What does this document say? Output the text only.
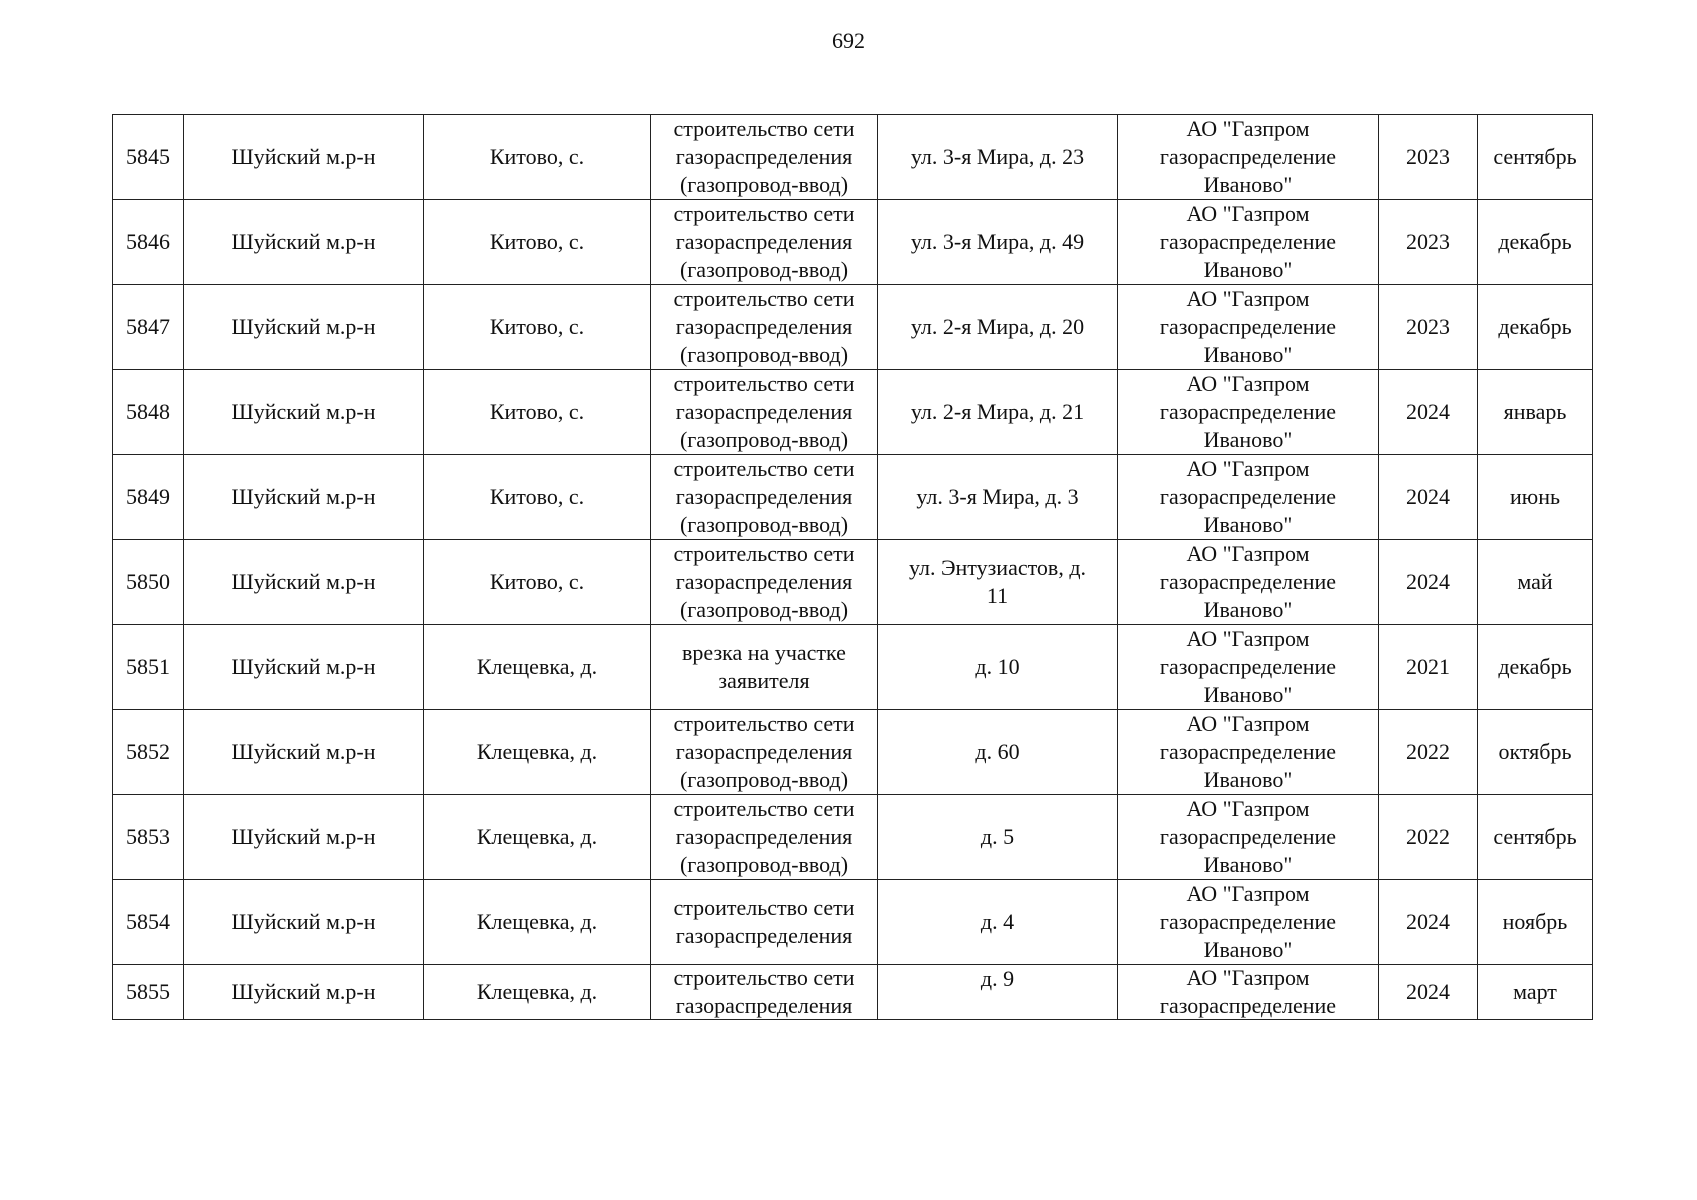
692
5845	Шуйский м.р-н	Китово, с.	строительство сети
газораспределения
(газопровод-ввод)	ул. 3-я Мира, д. 23	АО "Газпром
газораспределение
Иваново"	2023	сентябрь

5846	Шуйский м.р-н	Китово, с.	строительство сети
газораспределения
(газопровод-ввод)	ул. 3-я Мира, д. 49	АО "Газпром
газораспределение
Иваново"	2023	декабрь

5847	Шуйский м.р-н	Китово, с.	строительство сети
газораспределения
(газопровод-ввод)	ул. 2-я Мира, д. 20	АО "Газпром
газораспределение
Иваново"	2023	декабрь

5848	Шуйский м.р-н	Китово, с.	строительство сети
газораспределения
(газопровод-ввод)	ул. 2-я Мира, д. 21	АО "Газпром
газораспределение
Иваново"	2024	январь

5849	Шуйский м.р-н	Китово, с.	строительство сети
газораспределения
(газопровод-ввод)	ул. 3-я Мира, д. 3	АО "Газпром
газораспределение
Иваново"	2024	июнь

5850	Шуйский м.р-н	Китово, с.	строительство сети
газораспределения
(газопровод-ввод)	ул. Энтузиастов, д.
11	АО "Газпром
газораспределение
Иваново"	2024	май

5851	Шуйский м.р-н	Клещевка, д.	врезка на участке
заявителя	д. 10	АО "Газпром
газораспределение
Иваново"	2021	декабрь

5852	Шуйский м.р-н	Клещевка, д.	строительство сети
газораспределения
(газопровод-ввод)	д. 60	АО "Газпром
газораспределение
Иваново"	2022	октябрь

5853	Шуйский м.р-н	Клещевка, д.	строительство сети
газораспределения
(газопровод-ввод)	д. 5	АО "Газпром
газораспределение
Иваново"	2022	сентябрь

5854	Шуйский м.р-н	Клещевка, д.	строительство сети
газораспределения	д. 4	АО "Газпром
газораспределение
Иваново"	2024	ноябрь

5855	Шуйский м.р-н	Клещевка, д.	строительство сети
газораспределения	д. 9	АО "Газпром
газораспределение	2024	март
